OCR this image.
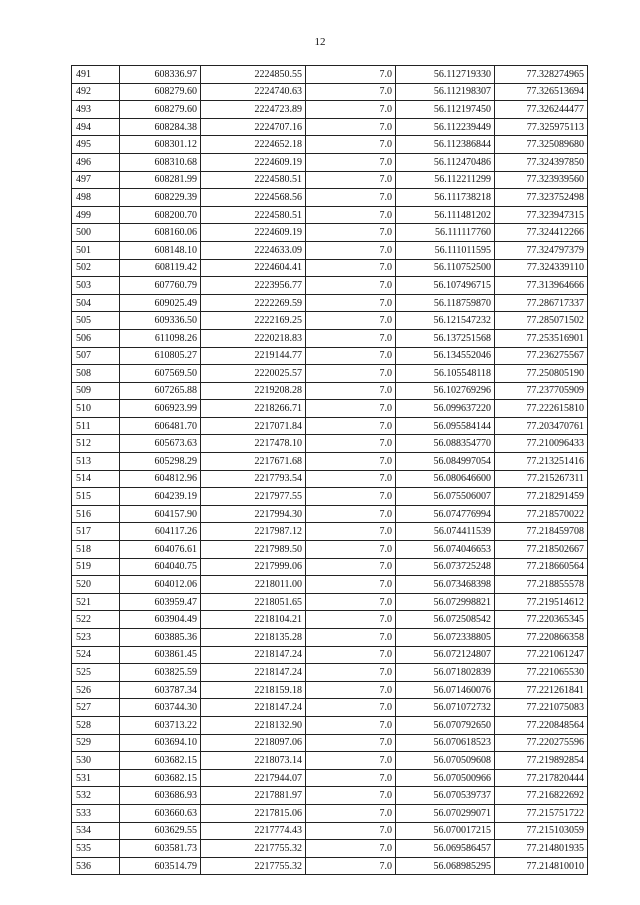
12
491	608336.97	2224850.55	7.0	56.112719330	77.328274965
492	608279.60	2224740.63	7.0	56.112198307	77.326513694
493	608279.60	2224723.89	7.0	56.112197450	77.326244477
494	608284.38	2224707.16	7.0	56.112239449	77.325975113
495	608301.12	2224652.18	7.0	56.112386844	77.325089680
496	608310.68	2224609.19	7.0	56.112470486	77.324397850
497	608281.99	2224580.51	7.0	56.112211299	77.323939560
498	608229.39	2224568.56	7.0	56.111738218	77.323752498
499	608200.70	2224580.51	7.0	56.111481202	77.323947315
500	608160.06	2224609.19	7.0	56.111117760	77.324412266
501	608148.10	2224633.09	7.0	56.111011595	77.324797379
502	608119.42	2224604.41	7.0	56.110752500	77.324339110
503	607760.79	2223956.77	7.0	56.107496715	77.313964666
504	609025.49	2222269.59	7.0	56.118759870	77.286717337
505	609336.50	2222169.25	7.0	56.121547232	77.285071502
506	611098.26	2220218.83	7.0	56.137251568	77.253516901
507	610805.27	2219144.77	7.0	56.134552046	77.236275567
508	607569.50	2220025.57	7.0	56.105548118	77.250805190
509	607265.88	2219208.28	7.0	56.102769296	77.237705909
510	606923.99	2218266.71	7.0	56.099637220	77.222615810
511	606481.70	2217071.84	7.0	56.095584144	77.203470761
512	605673.63	2217478.10	7.0	56.088354770	77.210096433
513	605298.29	2217671.68	7.0	56.084997054	77.213251416
514	604812.96	2217793.54	7.0	56.080646600	77.215267311
515	604239.19	2217977.55	7.0	56.075506007	77.218291459
516	604157.90	2217994.30	7.0	56.074776994	77.218570022
517	604117.26	2217987.12	7.0	56.074411539	77.218459708
518	604076.61	2217989.50	7.0	56.074046653	77.218502667
519	604040.75	2217999.06	7.0	56.073725248	77.218660564
520	604012.06	2218011.00	7.0	56.073468398	77.218855578
521	603959.47	2218051.65	7.0	56.072998821	77.219514612
522	603904.49	2218104.21	7.0	56.072508542	77.220365345
523	603885.36	2218135.28	7.0	56.072338805	77.220866358
524	603861.45	2218147.24	7.0	56.072124807	77.221061247
525	603825.59	2218147.24	7.0	56.071802839	77.221065530
526	603787.34	2218159.18	7.0	56.071460076	77.221261841
527	603744.30	2218147.24	7.0	56.071072732	77.221075083
528	603713.22	2218132.90	7.0	56.070792650	77.220848564
529	603694.10	2218097.06	7.0	56.070618523	77.220275596
530	603682.15	2218073.14	7.0	56.070509608	77.219892854
531	603682.15	2217944.07	7.0	56.070500966	77.217820444
532	603686.93	2217881.97	7.0	56.070539737	77.216822692
533	603660.63	2217815.06	7.0	56.070299071	77.215751722
534	603629.55	2217774.43	7.0	56.070017215	77.215103059
535	603581.73	2217755.32	7.0	56.069586457	77.214801935
536	603514.79	2217755.32	7.0	56.068985295	77.214810010
